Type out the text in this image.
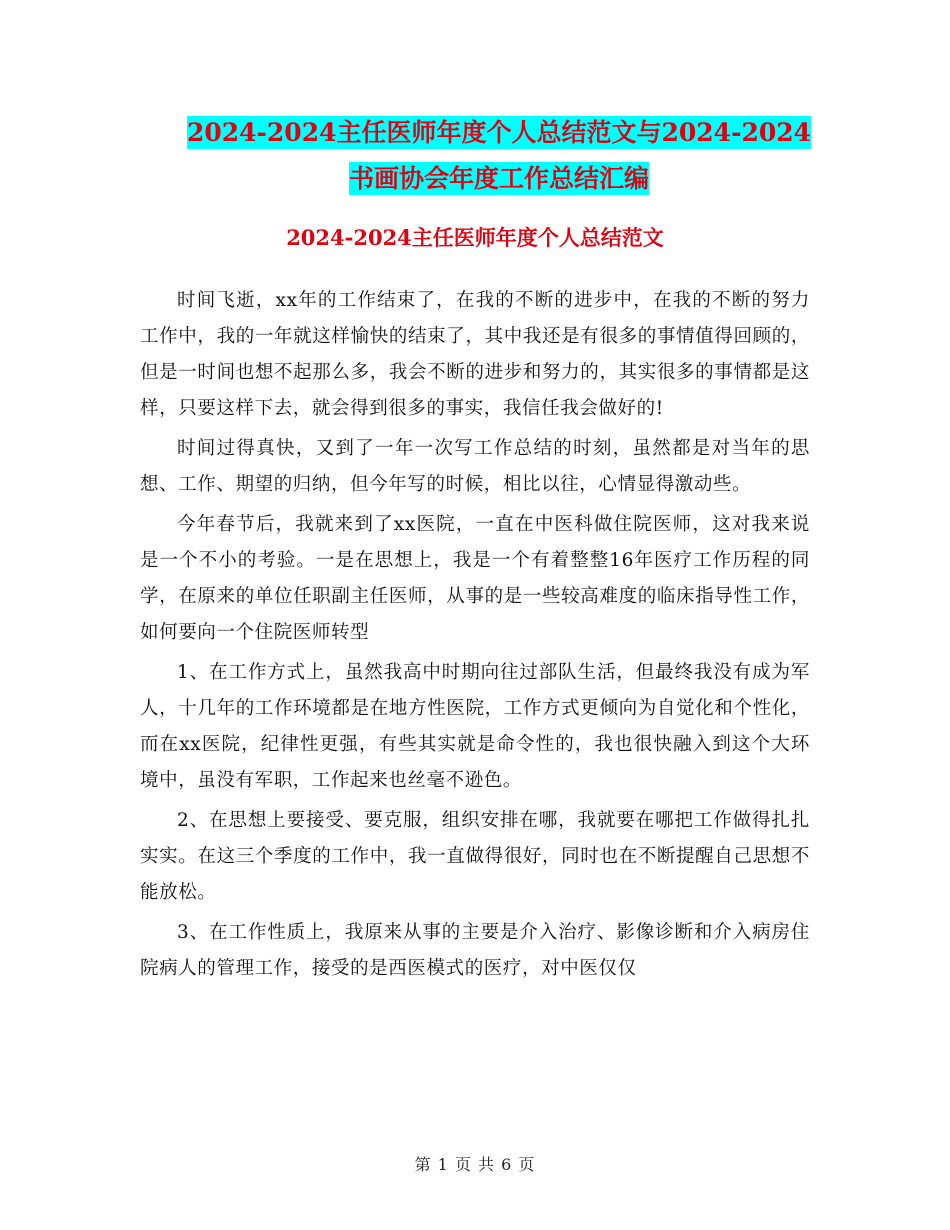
2024-2024主任医师年度个人总结范文与2024-2024书画协会年度工作总结汇编
2024-2024主任医师年度个人总结范文

时间飞逝，xx年的工作结束了，在我的不断的进步中，在我的不断的努力工作中，我的一年就这样愉快的结束了，其中我还是有很多的事情值得回顾的，但是一时间也想不起那么多，我会不断的进步和努力的，其实很多的事情都是这样，只要这样下去，就会得到很多的事实，我信任我会做好的!

时间过得真快，又到了一年一次写工作总结的时刻，虽然都是对当年的思想、工作、期望的归纳，但今年写的时候，相比以往，心情显得激动些。

今年春节后，我就来到了xx医院，一直在中医科做住院医师，这对我来说是一个不小的考验。一是在思想上，我是一个有着整整16年医疗工作历程的同学，在原来的单位任职副主任医师，从事的是一些较高难度的临床指导性工作，如何要向一个住院医师转型

1、在工作方式上，虽然我高中时期向往过部队生活，但最终我没有成为军人，十几年的工作环境都是在地方性医院，工作方式更倾向为自觉化和个性化，而在xx医院，纪律性更强，有些其实就是命令性的，我也很快融入到这个大环境中，虽没有军职，工作起来也丝毫不逊色。

2、在思想上要接受、要克服，组织安排在哪，我就要在哪把工作做得扎扎实实。在这三个季度的工作中，我一直做得很好，同时也在不断提醒自己思想不能放松。

3、在工作性质上，我原来从事的主要是介入治疗、影像诊断和介入病房住院病人的管理工作，接受的是西医模式的医疗，对中医仅仅

第 1 页 共 6 页
